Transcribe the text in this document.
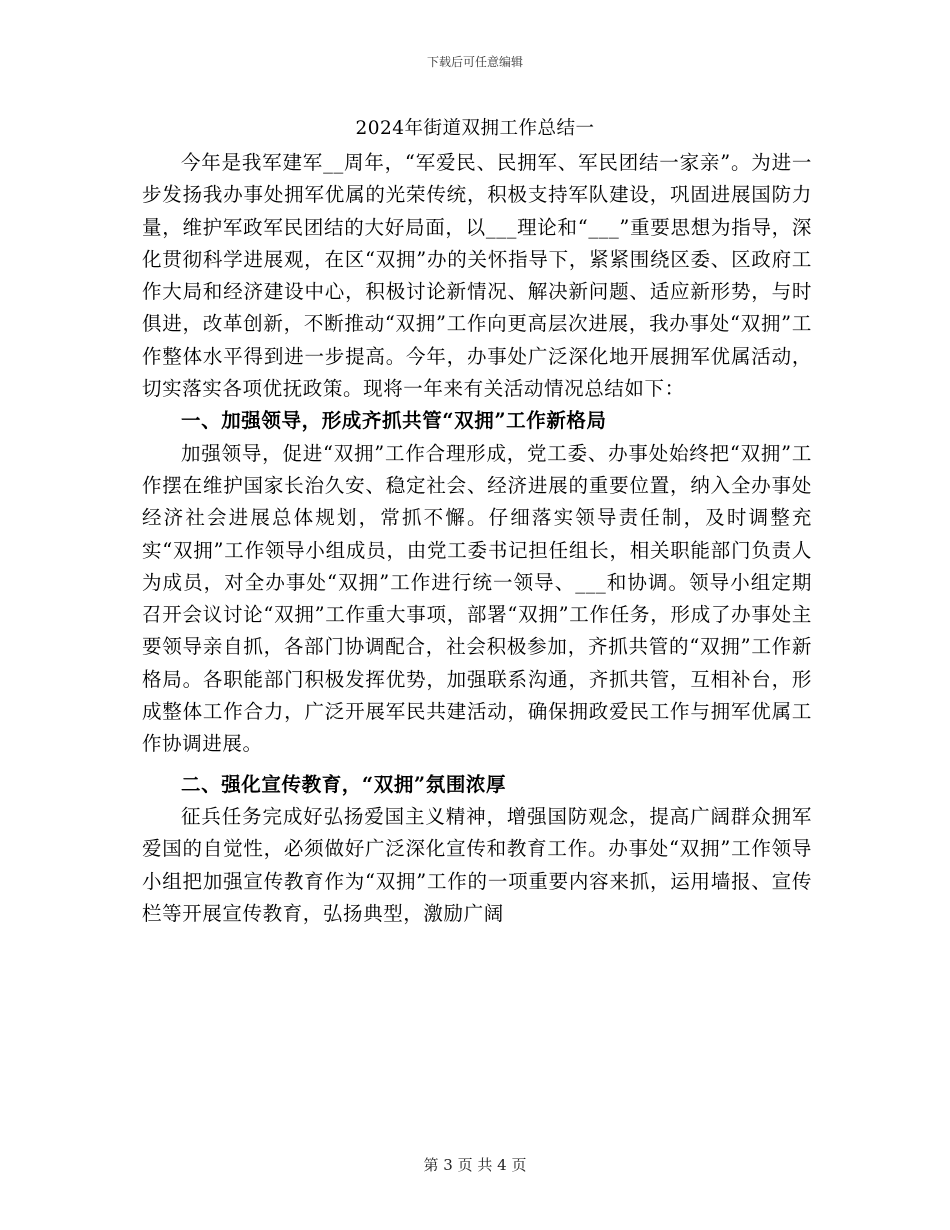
下载后可任意编辑
2024年街道双拥工作总结一

今年是我军建军__周年，“军爱民、民拥军、军民团结一家亲”。为进一步发扬我办事处拥军优属的光荣传统，积极支持军队建设，巩固进展国防力量，维护军政军民团结的大好局面，以___理论和“___”重要思想为指导，深化贯彻科学进展观，在区“双拥”办的关怀指导下，紧紧围绕区委、区政府工作大局和经济建设中心，积极讨论新情况、解决新问题、适应新形势，与时俱进，改革创新，不断推动“双拥”工作向更高层次进展，我办事处“双拥”工作整体水平得到进一步提高。今年，办事处广泛深化地开展拥军优属活动，切实落实各项优抚政策。现将一年来有关活动情况总结如下：

一、加强领导，形成齐抓共管“双拥”工作新格局

加强领导，促进“双拥”工作合理形成，党工委、办事处始终把“双拥”工作摆在维护国家长治久安、稳定社会、经济进展的重要位置，纳入全办事处经济社会进展总体规划，常抓不懈。仔细落实领导责任制，及时调整充实“双拥”工作领导小组成员，由党工委书记担任组长，相关职能部门负责人为成员，对全办事处“双拥”工作进行统一领导、___和协调。领导小组定期召开会议讨论“双拥”工作重大事项，部署“双拥”工作任务，形成了办事处主要领导亲自抓，各部门协调配合，社会积极参加，齐抓共管的“双拥”工作新格局。各职能部门积极发挥优势，加强联系沟通，齐抓共管，互相补台，形成整体工作合力，广泛开展军民共建活动，确保拥政爱民工作与拥军优属工作协调进展。

二、强化宣传教育，“双拥”氛围浓厚

征兵任务完成好弘扬爱国主义精神，增强国防观念，提高广阔群众拥军爱国的自觉性，必须做好广泛深化宣传和教育工作。办事处“双拥”工作领导小组把加强宣传教育作为“双拥”工作的一项重要内容来抓，运用墙报、宣传栏等开展宣传教育，弘扬典型，激励广阔

第 3 页 共 4 页
